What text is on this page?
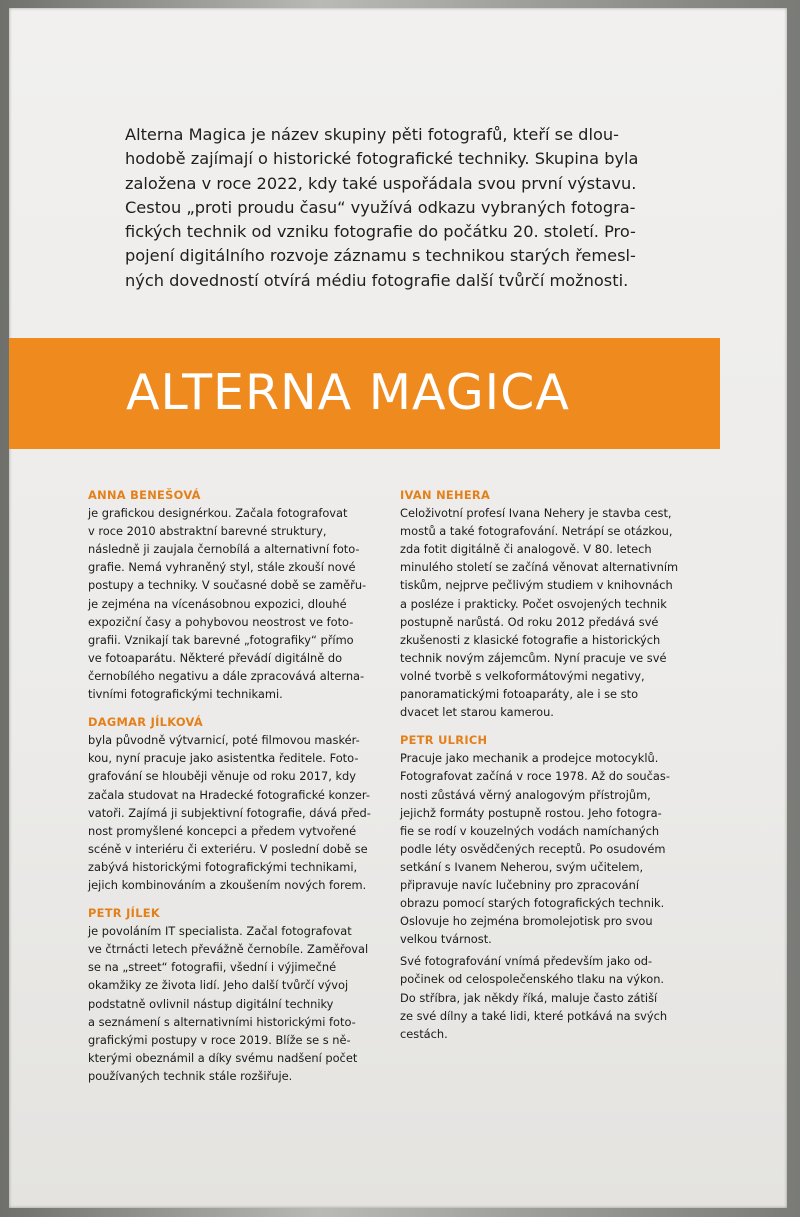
Alterna Magica je název skupiny pěti fotografů, kteří se dlou-
hodobě zajímají o historické fotografické techniky. Skupina byla
založena v roce 2022, kdy také uspořádala svou první výstavu.
Cestou „proti proudu času“ využívá odkazu vybraných fotogra-
fických technik od vzniku fotografie do počátku 20. století. Pro-
pojení digitálního rozvoje záznamu s technikou starých řemesl-
ných dovedností otvírá médiu fotografie další tvůrčí možnosti.

ALTERNA MAGICA
ANNA BENEŠOVÁ

je grafickou designérkou. Začala fotografovat
v roce 2010 abstraktní barevné struktury,
následně ji zaujala černobílá a alternativní foto-
grafie. Nemá vyhraněný styl, stále zkouší nové
postupy a techniky. V současné době se zaměřu-
je zejména na vícenásobnou expozici, dlouhé
expoziční časy a pohybovou neostrost ve foto-
grafii. Vznikají tak barevné „fotografiky“ přímo
ve fotoaparátu. Některé převádí digitálně do
černobílého negativu a dále zpracovává alterna-
tivními fotografickými technikami.

DAGMAR JÍLKOVÁ

byla původně výtvarnicí, poté filmovou maskér-
kou, nyní pracuje jako asistentka ředitele. Foto-
grafování se hlouběji věnuje od roku 2017, kdy
začala studovat na Hradecké fotografické konzer-
vatoři. Zajímá ji subjektivní fotografie, dává před-
nost promyšlené koncepci a předem vytvořené
scéně v interiéru či exteriéru. V poslední době se
zabývá historickými fotografickými technikami,
jejich kombinováním a zkoušením nových forem.

PETR JÍLEK

je povoláním IT specialista. Začal fotografovat
ve čtrnácti letech převážně černobíle. Zaměřoval
se na „street“ fotografii, všední i výjimečné
okamžiky ze života lidí. Jeho další tvůrčí vývoj
podstatně ovlivnil nástup digitální techniky
a seznámení s alternativními historickými foto-
grafickými postupy v roce 2019. Blíže se s ně-
kterými obeznámil a díky svému nadšení počet
používaných technik stále rozšiřuje.

IVAN NEHERA

Celoživotní profesí Ivana Nehery je stavba cest,
mostů a také fotografování. Netrápí se otázkou,
zda fotit digitálně či analogově. V 80. letech
minulého století se začíná věnovat alternativním
tiskům, nejprve pečlivým studiem v knihovnách
a posléze i prakticky. Počet osvojených technik
postupně narůstá. Od roku 2012 předává své
zkušenosti z klasické fotografie a historických
technik novým zájemcům. Nyní pracuje ve své
volné tvorbě s velkoformátovými negativy,
panoramatickými fotoaparáty, ale i se sto
dvacet let starou kamerou.

PETR ULRICH

Pracuje jako mechanik a prodejce motocyklů.
Fotografovat začíná v roce 1978. Až do součas-
nosti zůstává věrný analogovým přístrojům,
jejichž formáty postupně rostou. Jeho fotogra-
fie se rodí v kouzelných vodách namíchaných
podle léty osvědčených receptů. Po osudovém
setkání s Ivanem Neherou, svým učitelem,
připravuje navíc lučebniny pro zpracování
obrazu pomocí starých fotografických technik.
Oslovuje ho zejména bromolejotisk pro svou
velkou tvárnost.

Své fotografování vnímá především jako od-
počinek od celospolečenského tlaku na výkon.
Do stříbra, jak někdy říká, maluje často zátiší
ze své dílny a také lidi, které potkává na svých
cestách.
